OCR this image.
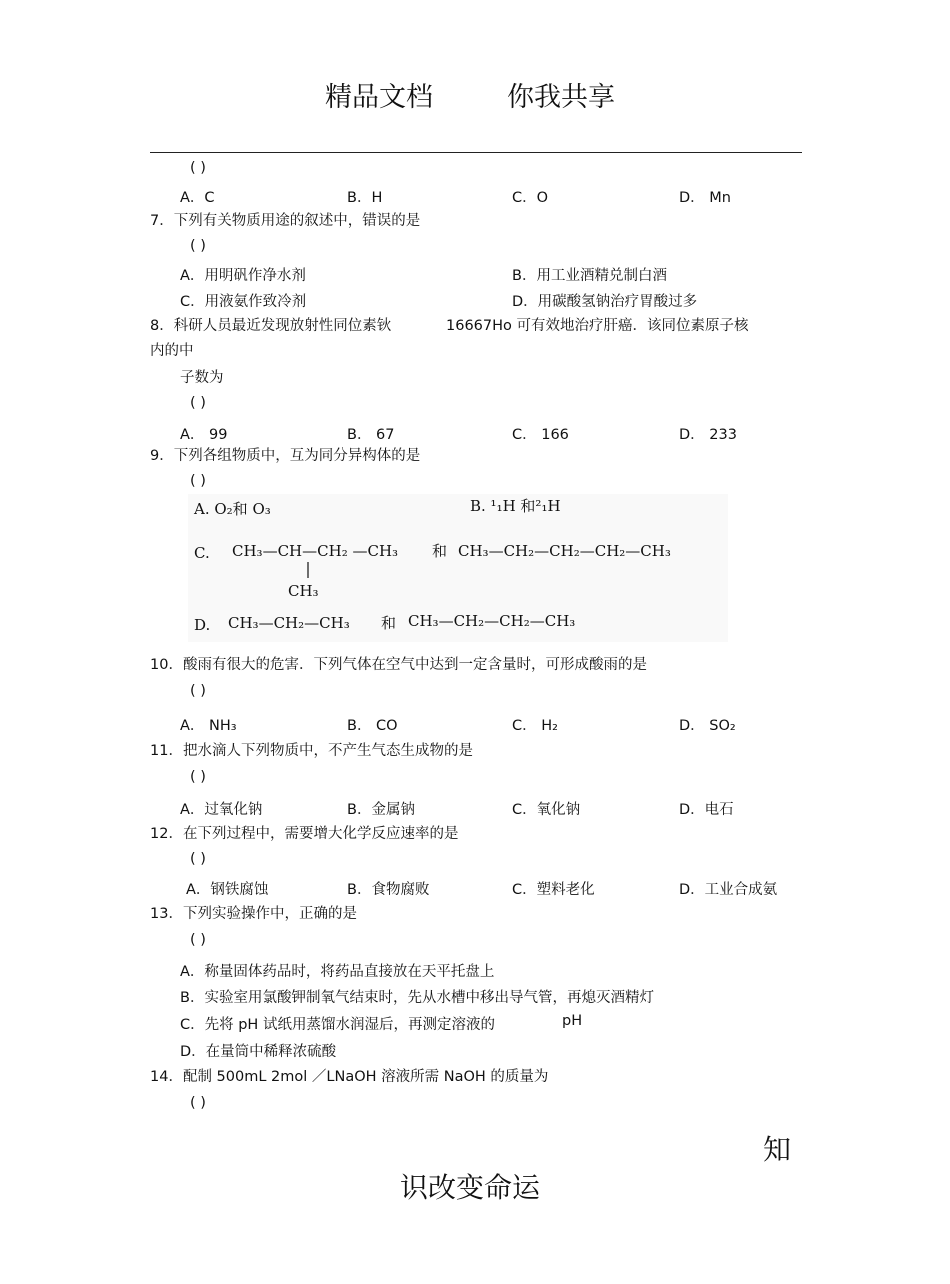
精品文档	你我共享
( )
A．C	B．H	C．O	D． Mn
7．下列有关物质用途的叙述中，错误的是
( )
A．用明矾作净水剂	B．用工业酒精兑制白酒
C．用液氨作致冷剂	D．用碳酸氢钠治疗胃酸过多
8．科研人员最近发现放射性同位素钬	16667Ho 可有效地治疗肝癌．该同位素原子核
内的中
子数为
( )
A． 99	B． 67	C． 166	D． 233
9．下列各组物质中，互为同分异构体的是
( )
A. O₂和 O₃	B. ¹₁H 和²₁H
C. CH₃—CH—CH₂ —CH₃ 和 CH₃—CH₂—CH₂—CH₂—CH₃
CH₃
D. CH₃—CH₂—CH₃ 和 CH₃—CH₂—CH₂—CH₃
10．酸雨有很大的危害．下列气体在空气中达到一定含量时，可形成酸雨的是
( )
A． NH₃	B． CO	C． H₂	D． SO₂
11．把水滴人下列物质中，不产生气态生成物的是
( )
A．过氧化钠	B．金属钠	C．氧化钠	D．电石
12．在下列过程中，需要增大化学反应速率的是
( )
A．钢铁腐蚀	B．食物腐败	C．塑料老化	D．工业合成氨
13．下列实验操作中，正确的是
( )
A．称量固体药品时，将药品直接放在天平托盘上
B．实验室用氯酸钾制氧气结束时，先从水槽中移出导气管，再熄灭酒精灯
C．先将 pH 试纸用蒸馏水润湿后，再测定溶液的	pH
D．在量筒中稀释浓硫酸
14．配制 500mL 2mol ／LNaOH 溶液所需 NaOH 的质量为
( )
知
识改变命运
